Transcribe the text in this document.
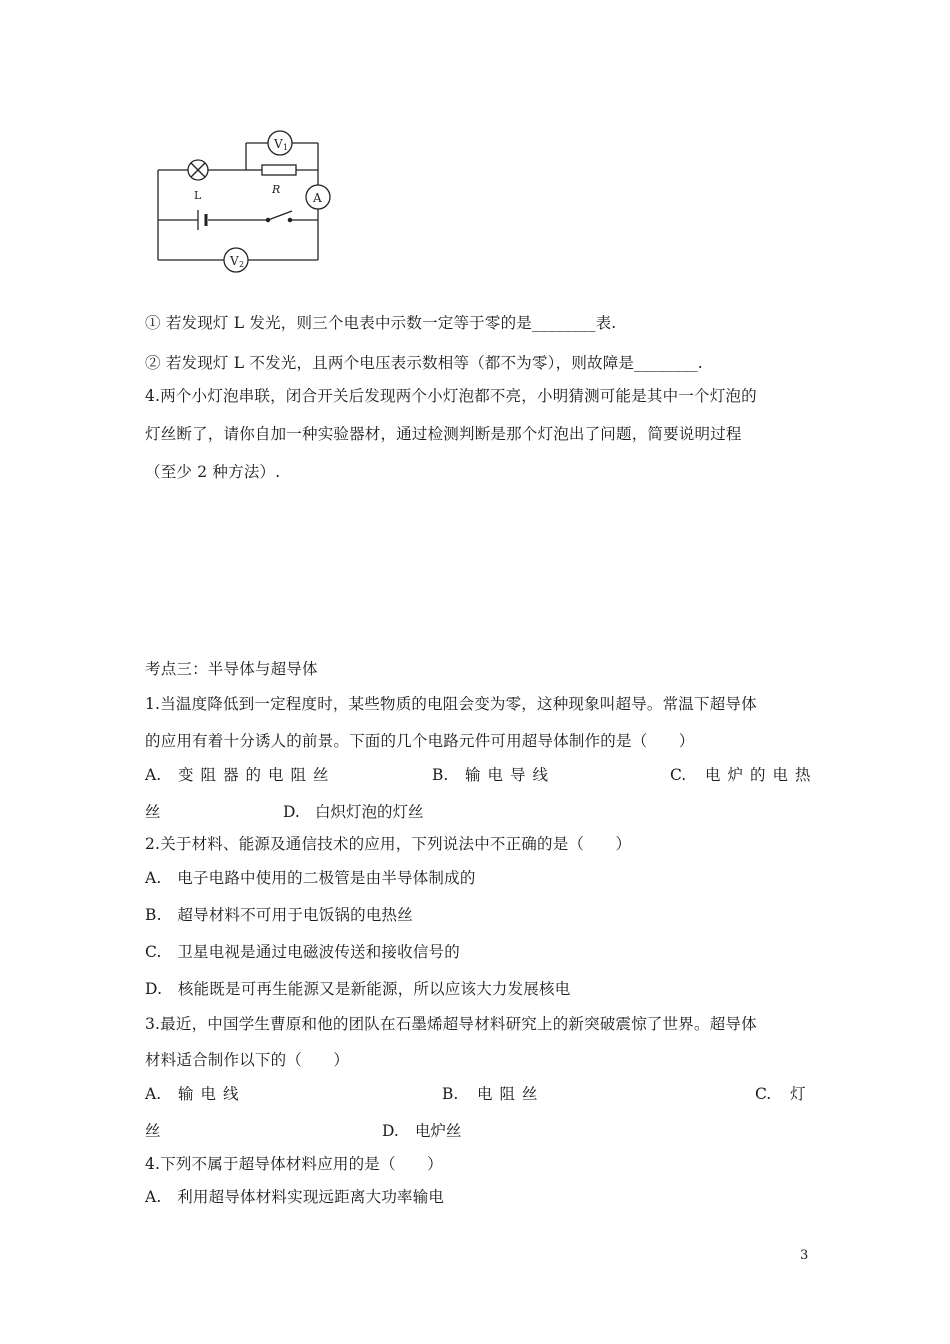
V 1
A
V 2
L	R
① 若发现灯 L 发光，则三个电表中示数一定等于零的是________表.
② 若发现灯 L 不发光，且两个电压表示数相等（都不为零），则故障是________.
4.两个小灯泡串联，闭合开关后发现两个小灯泡都不亮，小明猜测可能是其中一个灯泡的
灯丝断了，请你自加一种实验器材，通过检测判断是那个灯泡出了问题，简要说明过程
（至少 2 种方法）.
考点三：半导体与超导体
1.当温度降低到一定程度时，某些物质的电阻会变为零，这种现象叫超导。常温下超导体
的应用有着十分诱人的前景。下面的几个电路元件可用超导体制作的是（　　）
A. 变阻器的电阻丝	B. 输电导线	C. 电炉的电热
丝	D. 白炽灯泡的灯丝
2.关于材料、能源及通信技术的应用，下列说法中不正确的是（　　）
A.　电子电路中使用的二极管是由半导体制成的
B.　超导材料不可用于电饭锅的电热丝
C.　卫星电视是通过电磁波传送和接收信号的
D.　核能既是可再生能源又是新能源，所以应该大力发展核电
3.最近，中国学生曹原和他的团队在石墨烯超导材料研究上的新突破震惊了世界。超导体
材料适合制作以下的（　　）
A. 输电线	B. 电阻丝	C. 灯
丝	D. 电炉丝
4.下列不属于超导体材料应用的是（　　）
A.　利用超导体材料实现远距离大功率输电
3
